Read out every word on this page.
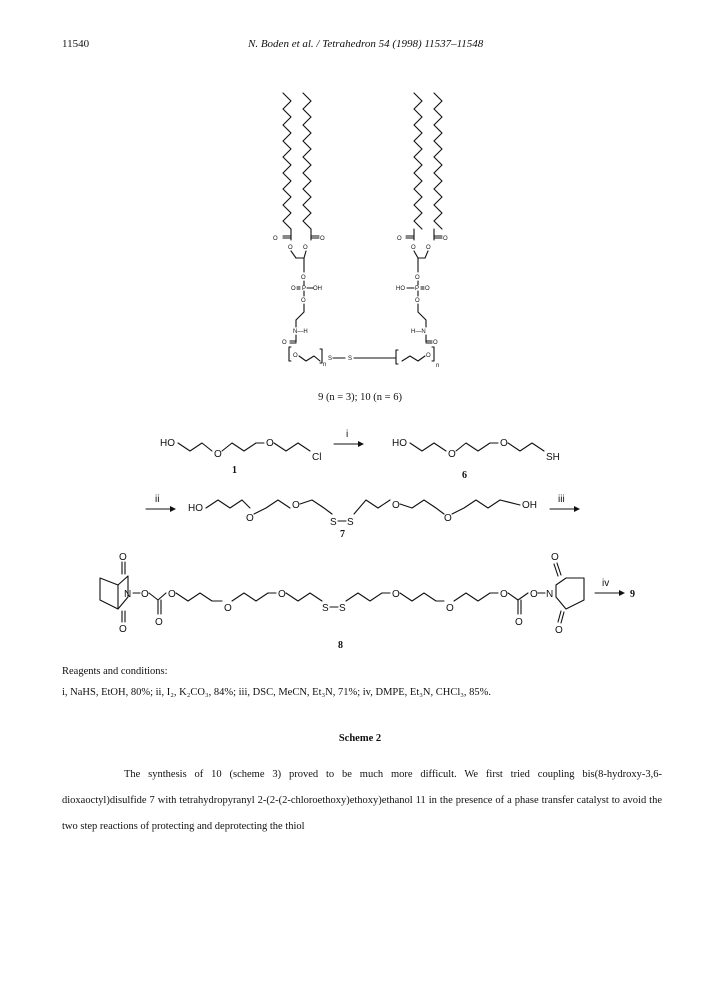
11540	N. Boden et al. / Tetrahedron 54 (1998) 11537–11548
O
O
O
O
O
O P OH
O
N—H
O
O
n
S
O
O
O
O
O
HO P O
O
H—N
O
O
n
S
HO
O
O
Cl
1
i
HO
O
O
SH
6
ii
HO
O
O
S S
O
O
OH
7
iii
O
O
N O
O
O
O
O
S S
O
O
O
O
O N
O
O
8
iv
9
9 (n = 3); 10 (n = 6)
Reagents and conditions:
i, NaHS, EtOH, 80%; ii, I₂, K₂CO₃, 84%; iii, DSC, MeCN, Et₃N, 71%; iv, DMPE, Et₃N, CHCl₃, 85%.
Scheme 2
The synthesis of 10 (scheme 3) proved to be much more difficult. We first tried coupling bis(8-hydroxy-3,6-dioxaoctyl)disulfide 7 with tetrahydropyranyl 2-(2-(2-chloroethoxy)ethoxy)ethanol 11 in the presence of a phase transfer catalyst to avoid the two step reactions of protecting and deprotecting the thiol
